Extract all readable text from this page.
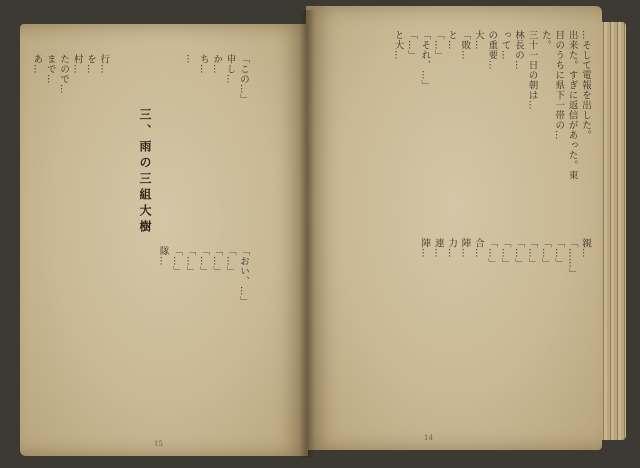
…そして電報を出した。
出来た。すぎに返信があった。東
目のうちに県下一帯の…
た。
三十一日の朝は…
林長の…
って…
の重要…
大…
「敗…
と…
「…」
「それ、…」
「…」
と大…
親…
「……」
「…」
「…」
「…」
「…」
「…」
「…」
合…
陣…
力…
連…
陣…
14
「この…」
申し…
か…
ち…
…
三、雨の三組大樹
行…
を…
村…
たので…
まで…
あ…
「おい、…」
「…」
「…」
「…」
「…」
「…」
隊…
15
